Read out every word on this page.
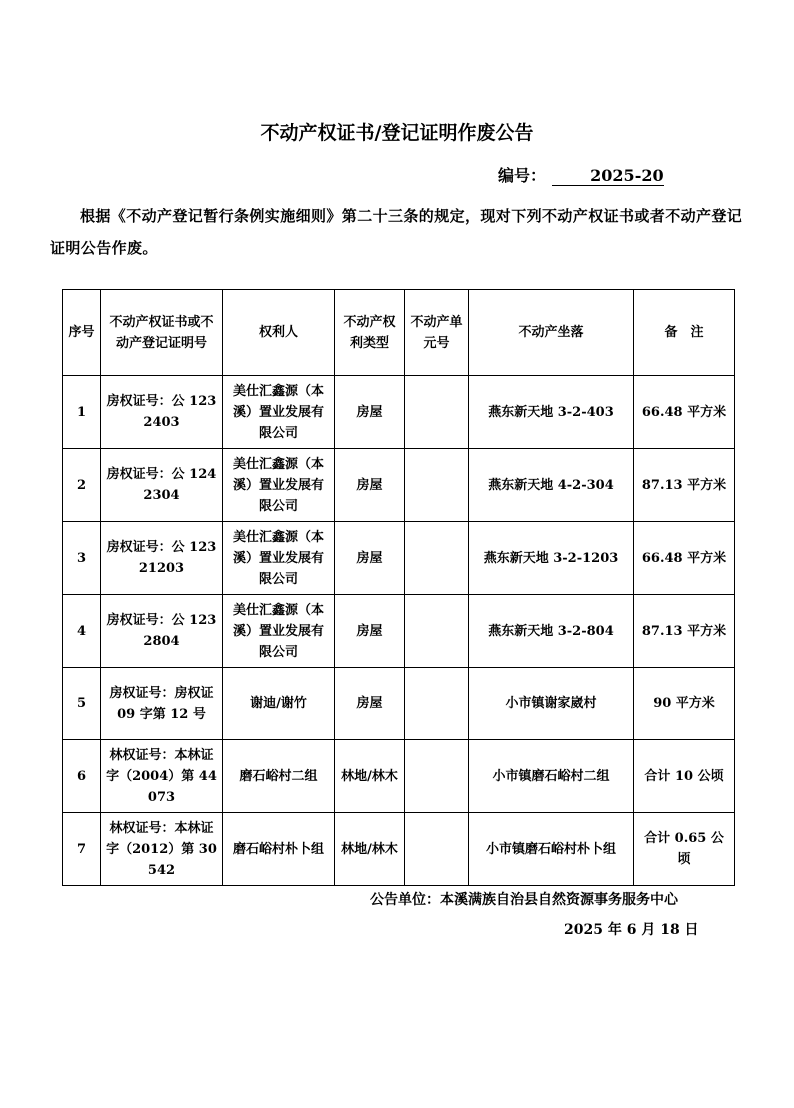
不动产权证书/登记证明作废公告
编号：	2025-20
根据《不动产登记暂行条例实施细则》第二十三条的规定，现对下列不动产权证书或者不动产登记证明公告作废。
序号	不动产权证书或不动产登记证明号	权利人	不动产权利类型	不动产单元号	不动产坐落	备　注
1	房权证号：公 1232403	美仕汇鑫源（本溪）置业发展有限公司	房屋		燕东新天地 3-2-403	66.48 平方米
2	房权证号：公 1242304	美仕汇鑫源（本溪）置业发展有限公司	房屋		燕东新天地 4-2-304	87.13 平方米
3	房权证号：公 12321203	美仕汇鑫源（本溪）置业发展有限公司	房屋		燕东新天地 3-2-1203	66.48 平方米
4	房权证号：公 1232804	美仕汇鑫源（本溪）置业发展有限公司	房屋		燕东新天地 3-2-804	87.13 平方米
5	房权证号：房权证 09 字第 12 号	谢迪/谢竹	房屋		小市镇谢家崴村	90 平方米
6	林权证号：本林证字（2004）第 44073	磨石峪村二组	林地/林木		小市镇磨石峪村二组	合计 10 公顷
7	林权证号：本林证字（2012）第 30542	磨石峪村朴卜组	林地/林木		小市镇磨石峪村朴卜组	合计 0.65 公顷
公告单位：本溪满族自治县自然资源事务服务中心
2025 年 6 月 18 日
